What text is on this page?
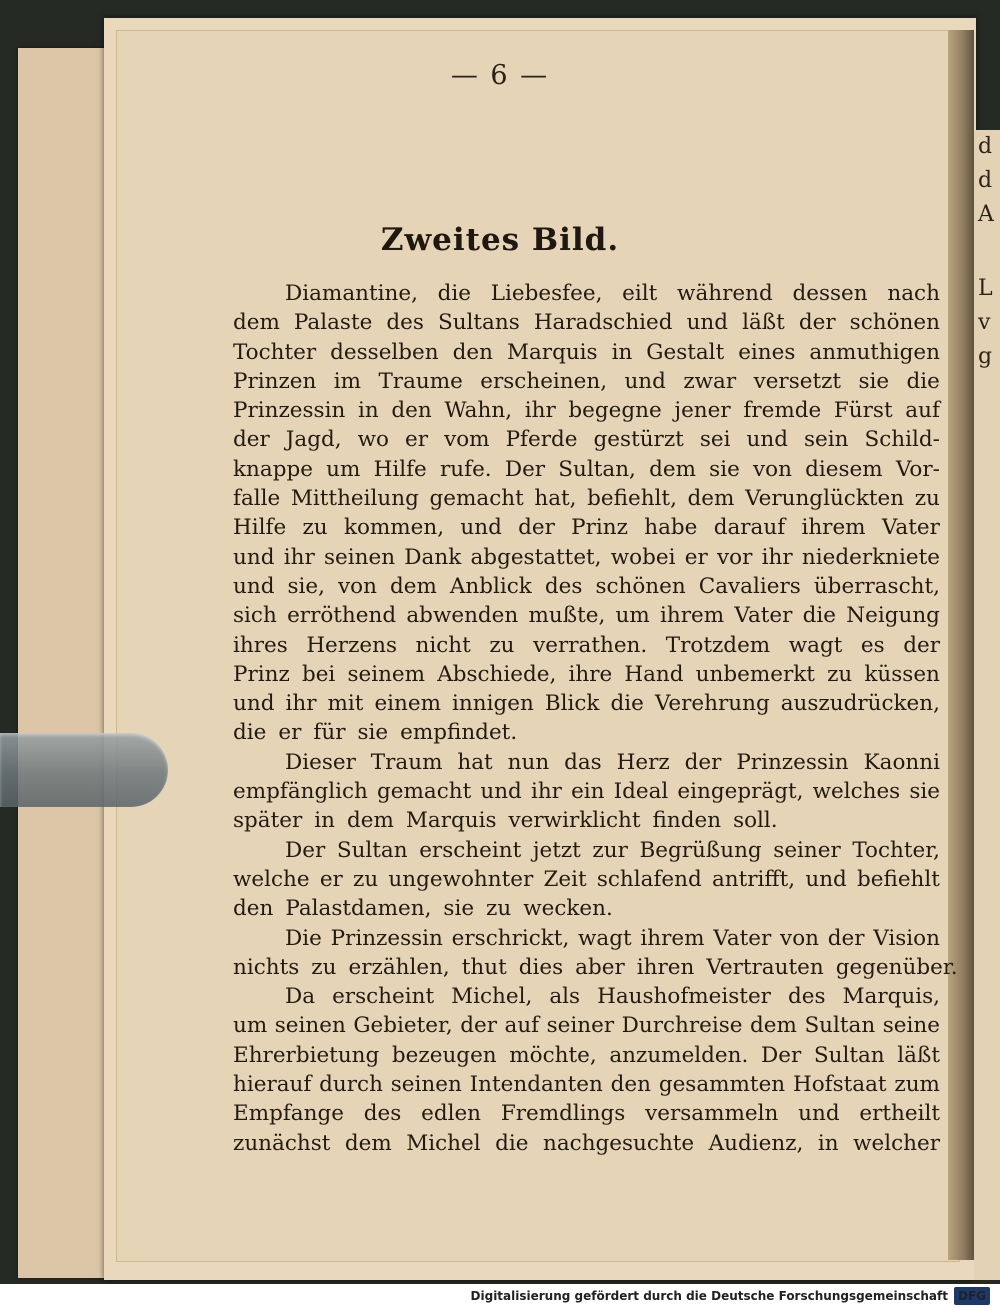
d
d
A
L
v
g
— 6 —
Zweites Bild.
Diamantine, die Liebesfee, eilt während dessen nach
dem Palaste des Sultans Haradschied und läßt der schönen
Tochter desselben den Marquis in Gestalt eines anmuthigen
Prinzen im Traume erscheinen, und zwar versetzt sie die
Prinzessin in den Wahn, ihr begegne jener fremde Fürst auf
der Jagd, wo er vom Pferde gestürzt sei und sein Schild-
knappe um Hilfe rufe. Der Sultan, dem sie von diesem Vor-
falle Mittheilung gemacht hat, befiehlt, dem Verunglückten zu
Hilfe zu kommen, und der Prinz habe darauf ihrem Vater
und ihr seinen Dank abgestattet, wobei er vor ihr niederkniete
und sie, von dem Anblick des schönen Cavaliers überrascht,
sich erröthend abwenden mußte, um ihrem Vater die Neigung
ihres Herzens nicht zu verrathen. Trotzdem wagt es der
Prinz bei seinem Abschiede, ihre Hand unbemerkt zu küssen
und ihr mit einem innigen Blick die Verehrung auszudrücken,
die er für sie empfindet.
Dieser Traum hat nun das Herz der Prinzessin Kaonni
empfänglich gemacht und ihr ein Ideal eingeprägt, welches sie
später in dem Marquis verwirklicht finden soll.
Der Sultan erscheint jetzt zur Begrüßung seiner Tochter,
welche er zu ungewohnter Zeit schlafend antrifft, und befiehlt
den Palastdamen, sie zu wecken.
Die Prinzessin erschrickt, wagt ihrem Vater von der Vision
nichts zu erzählen, thut dies aber ihren Vertrauten gegenüber.
Da erscheint Michel, als Haushofmeister des Marquis,
um seinen Gebieter, der auf seiner Durchreise dem Sultan seine
Ehrerbietung bezeugen möchte, anzumelden. Der Sultan läßt
hierauf durch seinen Intendanten den gesammten Hofstaat zum
Empfange des edlen Fremdlings versammeln und ertheilt
zunächst dem Michel die nachgesuchte Audienz, in welcher
Digitalisierung gefördert durch die Deutsche Forschungsgemeinschaft DFG
